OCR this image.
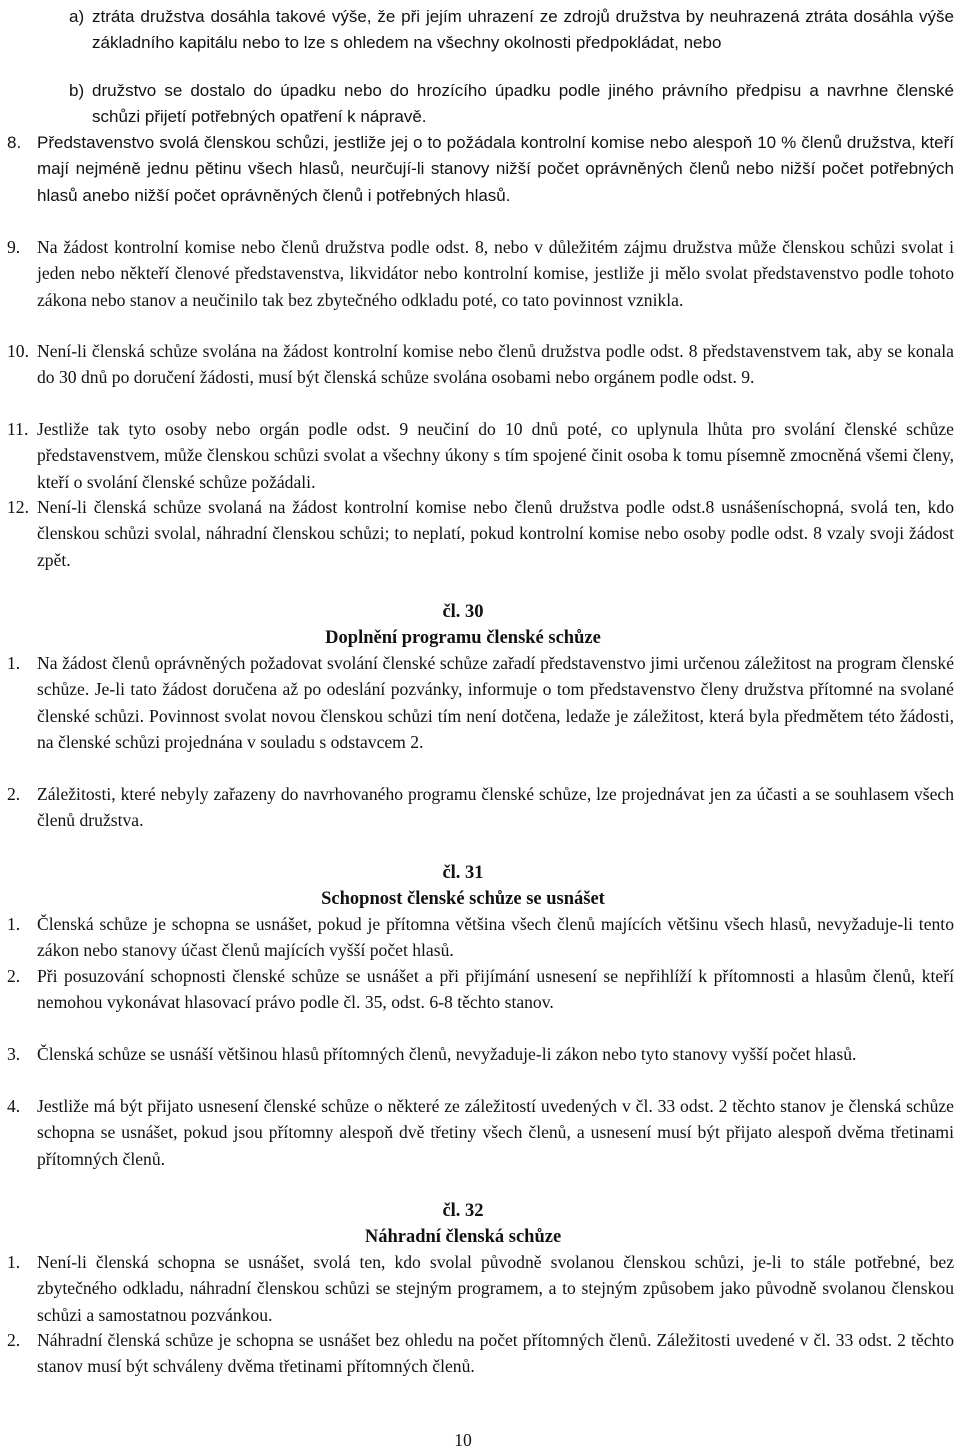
a) ztráta družstva dosáhla takové výše, že při jejím uhrazení ze zdrojů družstva by neuhrazená ztráta dosáhla výše základního kapitálu nebo to lze s ohledem na všechny okolnosti předpokládat, nebo

b) družstvo se dostalo do úpadku nebo do hrozícího úpadku podle jiného právního předpisu a navrhne členské schůzi přijetí potřebných opatření k nápravě.

8. Představenstvo svolá členskou schůzi, jestliže jej o to požádala kontrolní komise nebo alespoň 10 % členů družstva, kteří mají nejméně jednu pětinu všech hlasů, neurčují-li stanovy nižší počet oprávněných členů nebo nižší počet potřebných hlasů anebo nižší počet oprávněných členů i potřebných hlasů.

9. Na žádost kontrolní komise nebo členů družstva podle odst. 8, nebo v důležitém zájmu družstva může členskou schůzi svolat i jeden nebo někteří členové představenstva, likvidátor nebo kontrolní komise, jestliže ji mělo svolat představenstvo podle tohoto zákona nebo stanov a neučinilo tak bez zbytečného odkladu poté, co tato povinnost vznikla.

10. Není-li členská schůze svolána na žádost kontrolní komise nebo členů družstva podle odst. 8 představenstvem tak, aby se konala do 30 dnů po doručení žádosti, musí být členská schůze svolána osobami nebo orgánem podle odst. 9.

11. Jestliže tak tyto osoby nebo orgán podle odst. 9 neučiní do 10 dnů poté, co uplynula lhůta pro svolání členské schůze představenstvem, může členskou schůzi svolat a všechny úkony s tím spojené činit osoba k tomu písemně zmocněná všemi členy, kteří o svolání členské schůze požádali.

12. Není-li členská schůze svolaná na žádost kontrolní komise nebo členů družstva podle odst.8 usnášeníschopná, svolá ten, kdo členskou schůzi svolal, náhradní členskou schůzi; to neplatí, pokud kontrolní komise nebo osoby podle odst. 8 vzaly svoji žádost zpět.

čl. 30

Doplnění programu členské schůze

1. Na žádost členů oprávněných požadovat svolání členské schůze zařadí představenstvo jimi určenou záležitost na program členské schůze. Je-li tato žádost doručena až po odeslání pozvánky, informuje o tom představenstvo členy družstva přítomné na svolané členské schůzi. Povinnost svolat novou členskou schůzi tím není dotčena, ledaže je záležitost, která byla předmětem této žádosti, na členské schůzi projednána v souladu s odstavcem 2.

2. Záležitosti, které nebyly zařazeny do navrhovaného programu členské schůze, lze projednávat jen za účasti a se souhlasem všech členů družstva.

čl. 31

Schopnost členské schůze se usnášet

1. Členská schůze je schopna se usnášet, pokud je přítomna většina všech členů majících většinu všech hlasů, nevyžaduje-li tento zákon nebo stanovy účast členů majících vyšší počet hlasů.

2. Při posuzování schopnosti členské schůze se usnášet a při přijímání usnesení se nepřihlíží k přítomnosti a hlasům členů, kteří nemohou vykonávat hlasovací právo podle čl. 35, odst. 6-8 těchto stanov.

3. Členská schůze se usnáší většinou hlasů přítomných členů, nevyžaduje-li zákon nebo tyto stanovy vyšší počet hlasů.

4. Jestliže má být přijato usnesení členské schůze o některé ze záležitostí uvedených v čl. 33 odst. 2 těchto stanov je členská schůze schopna se usnášet, pokud jsou přítomny alespoň dvě třetiny všech členů, a usnesení musí být přijato alespoň dvěma třetinami přítomných členů.

čl. 32

Náhradní členská schůze

1. Není-li členská schopna se usnášet, svolá ten, kdo svolal původně svolanou členskou schůzi, je-li to stále potřebné, bez zbytečného odkladu, náhradní členskou schůzi se stejným programem, a to stejným způsobem jako původně svolanou členskou schůzi a samostatnou pozvánkou.

2. Náhradní členská schůze je schopna se usnášet bez ohledu na počet přítomných členů. Záležitosti uvedené v čl. 33 odst. 2 těchto stanov musí být schváleny dvěma třetinami přítomných členů.

10
